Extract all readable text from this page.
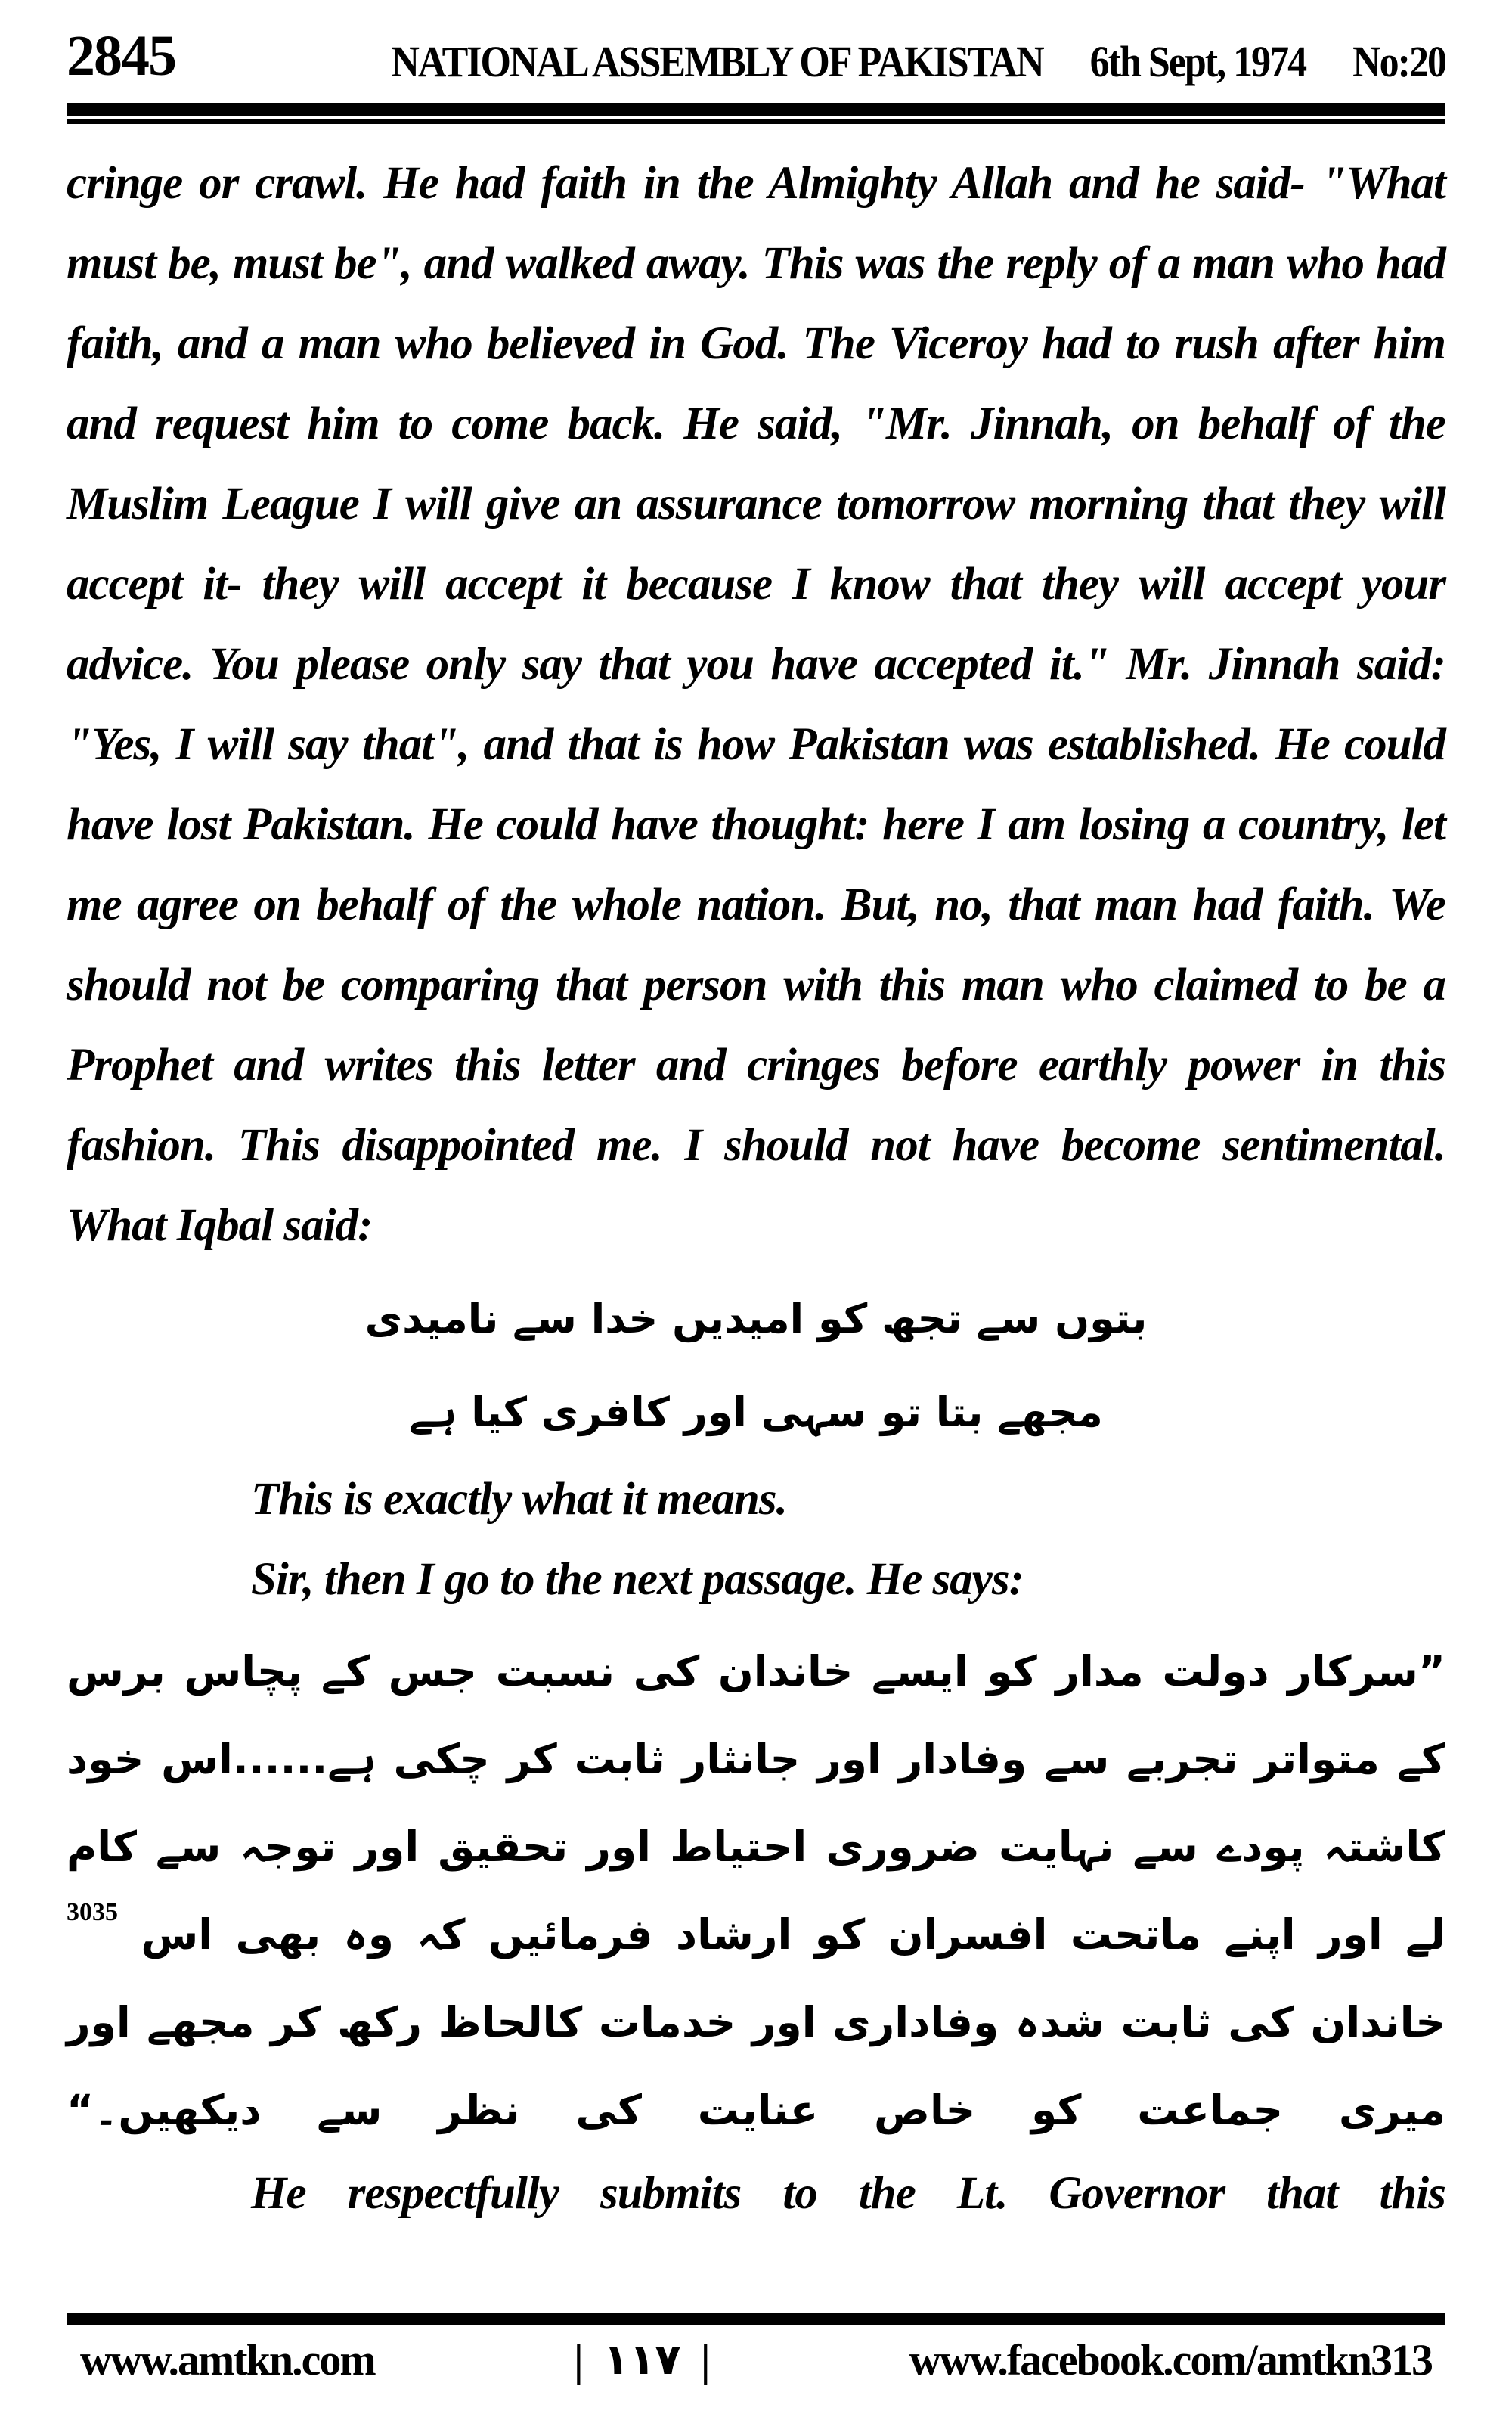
2845	NATIONAL ASSEMBLY OF PAKISTAN 6th Sept, 1974 No:20

cringe or crawl. He had faith in the Almighty Allah and he said- "What must be, must be", and walked away. This was the reply of a man who had faith, and a man who believed in God. The Viceroy had to rush after him and request him to come back. He said, "Mr. Jinnah, on behalf of the Muslim League I will give an assurance tomorrow morning that they will accept it- they will accept it because I know that they will accept your advice. You please only say that you have accepted it." Mr. Jinnah said: "Yes, I will say that", and that is how Pakistan was established. He could have lost Pakistan. He could have thought: here I am losing a country, let me agree on behalf of the whole nation. But, no, that man had faith. We should not be comparing that person with this man who claimed to be a Prophet and writes this letter and cringes before earthly power in this fashion. This disappointed me. I should not have become sentimental. What Iqbal said:

بتوں سے تجھ کو امیدیں خدا سے نامیدی
مجھے بتا تو سہی اور کافری کیا ہے

This is exactly what it means.

Sir, then I go to the next passage. He says:

”سرکار دولت مدار کو ایسے خاندان کی نسبت جس کے پچاس برس کے متواتر تجربے سے وفادار اور جانثار ثابت کر چکی ہے......اس خود کاشتہ پودے سے نہایت ضروری احتیاط اور تحقیق اور توجہ سے کام لے اور اپنے ماتحت افسران کو ارشاد فرمائیں کہ وہ بھی اس $^{3035}$ خاندان کی ثابت شدہ وفاداری اور خدمات کالحاظ رکھ کر مجھے اور میری جماعت کو خاص عنایت کی نظر سے دیکھیں۔“

He respectfully submits to the Lt. Governor that this

www.amtkn.com	| ۱۱۷ |	www.facebook.com/amtkn313
